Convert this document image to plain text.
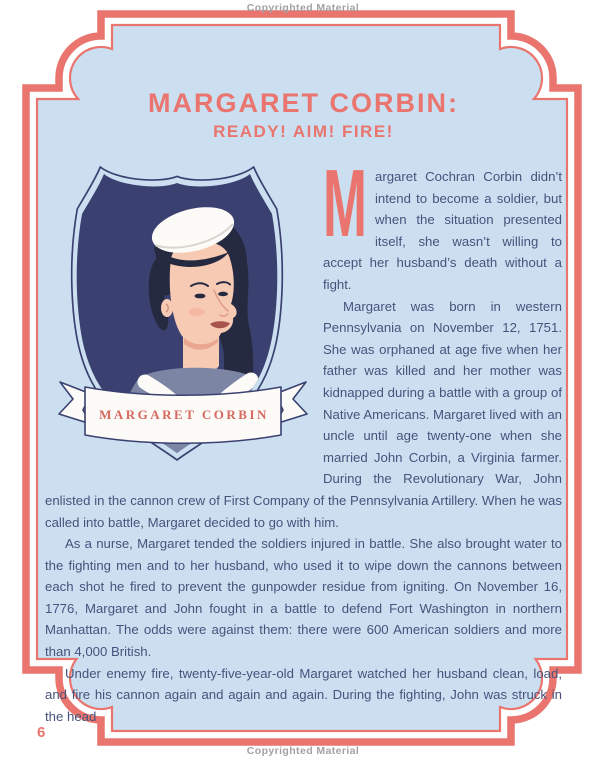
Copyrighted Material
MARGARET CORBIN:
READY! AIM! FIRE!
MARGARET CORBIN

Margaret Cochran Corbin didn’t intend to become a soldier, but when the situation presented itself, she wasn’t willing to accept her husband’s death without a fight.

Margaret was born in western Pennsylvania on November 12, 1751. She was orphaned at age five when her father was killed and her mother was kidnapped during a battle with a group of Native Americans. Margaret lived with an uncle until age twenty-one when she married John Corbin, a Virginia farmer. During the Revolutionary War, John enlisted in the cannon crew of First Company of the Pennsylvania Artillery. When he was called into battle, Margaret decided to go with him.

As a nurse, Margaret tended the soldiers injured in battle. She also brought water to the fighting men and to her husband, who used it to wipe down the cannons between each shot he fired to prevent the gunpowder residue from igniting. On November 16, 1776, Margaret and John fought in a battle to defend Fort Washington in northern Manhattan. The odds were against them: there were 600 American soldiers and more than 4,000 British.

Under enemy fire, twenty-five-year-old Margaret watched her husband clean, load, and fire his cannon again and again and again. During the fighting, John was struck in the head

6
Copyrighted Material
